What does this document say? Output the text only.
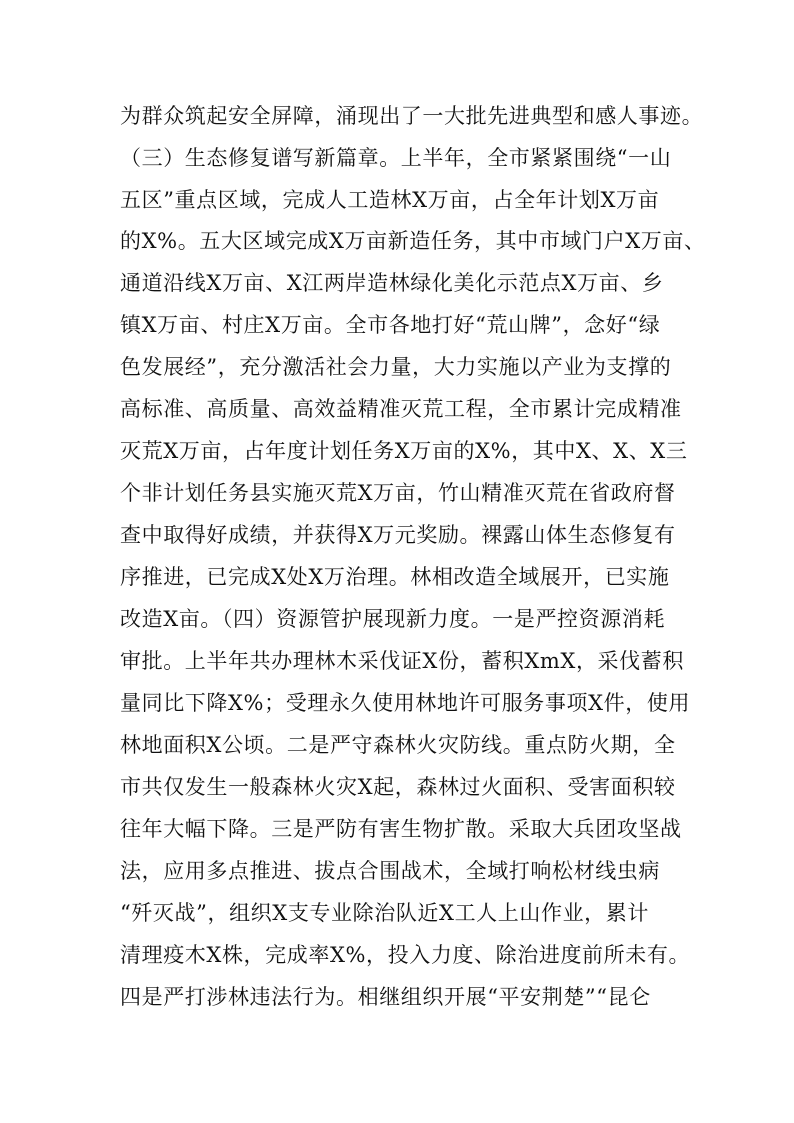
为群众筑起安全屏障，涌现出了一大批先进典型和感人事迹。
（三）生态修复谱写新篇章。上半年，全市紧紧围绕“一山
五区”重点区域，完成人工造林X万亩，占全年计划X万亩
的X%。五大区域完成X万亩新造任务，其中市域门户X万亩、
通道沿线X万亩、X江两岸造林绿化美化示范点X万亩、乡
镇X万亩、村庄X万亩。全市各地打好“荒山牌”，念好“绿
色发展经”，充分激活社会力量，大力实施以产业为支撑的
高标准、高质量、高效益精准灭荒工程，全市累计完成精准
灭荒X万亩，占年度计划任务X万亩的X%，其中X、X、X三
个非计划任务县实施灭荒X万亩，竹山精准灭荒在省政府督
查中取得好成绩，并获得X万元奖励。裸露山体生态修复有
序推进，已完成X处X万治理。林相改造全域展开，已实施
改造X亩。（四）资源管护展现新力度。一是严控资源消耗
审批。上半年共办理林木采伐证X份，蓄积XmX，采伐蓄积
量同比下降X%；受理永久使用林地许可服务事项X件，使用
林地面积X公顷。二是严守森林火灾防线。重点防火期，全
市共仅发生一般森林火灾X起，森林过火面积、受害面积较
往年大幅下降。三是严防有害生物扩散。采取大兵团攻坚战
法，应用多点推进、拔点合围战术，全域打响松材线虫病
“歼灭战”，组织X支专业除治队近X工人上山作业，累计
清理疫木X株，完成率X%，投入力度、除治进度前所未有。
四是严打涉林违法行为。相继组织开展“平安荆楚”“昆仑
